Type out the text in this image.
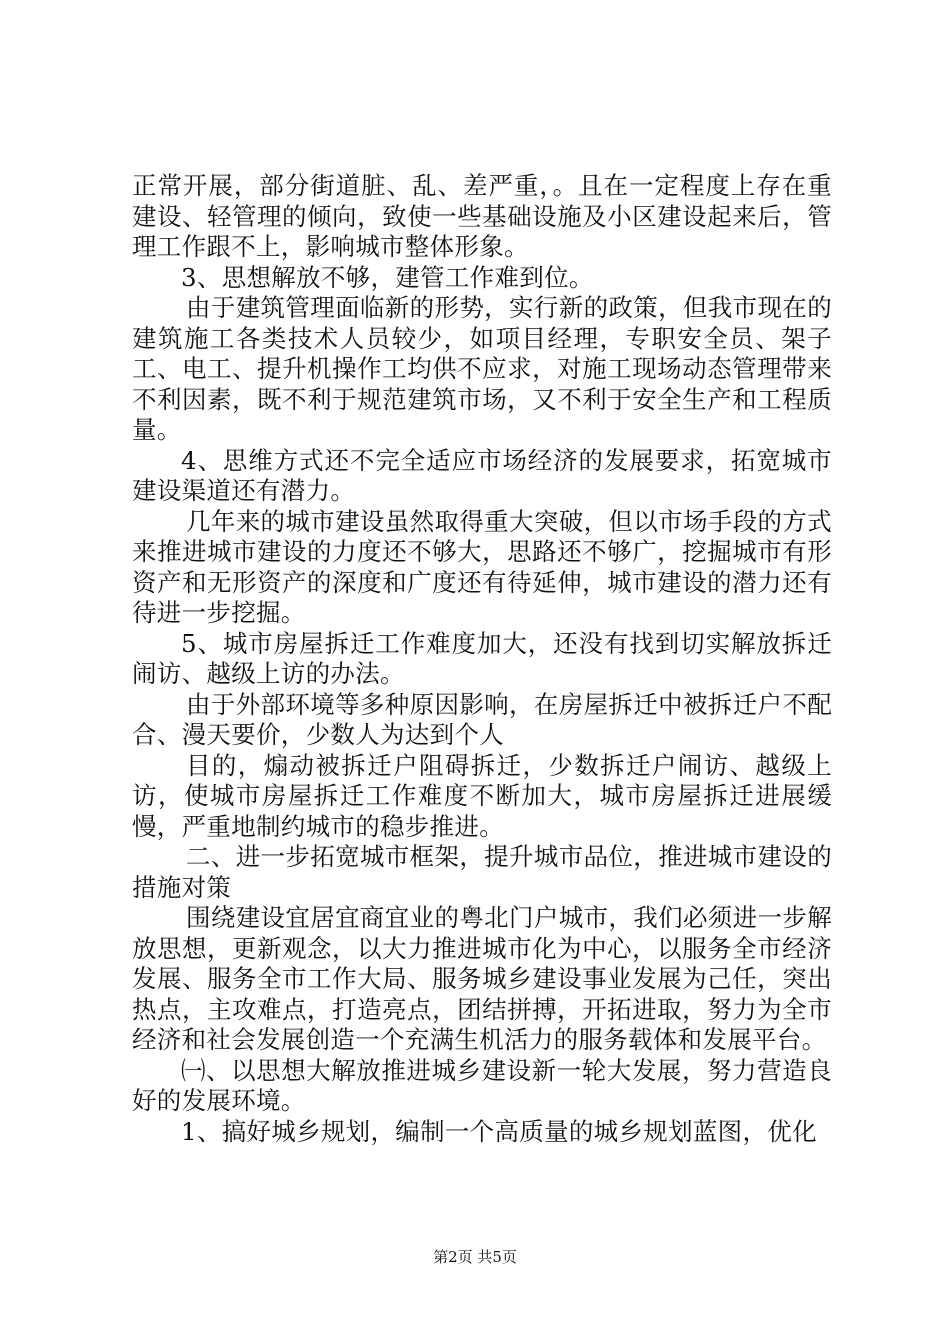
正常开展，部分街道脏、乱、差严重，。且在一定程度上存在重建设、轻管理的倾向，致使一些基础设施及小区建设起来后，管理工作跟不上，影响城市整体形象。

3、思想解放不够，建管工作难到位。

由于建筑管理面临新的形势，实行新的政策，但我市现在的建筑施工各类技术人员较少，如项目经理，专职安全员、架子工、电工、提升机操作工均供不应求，对施工现场动态管理带来不利因素，既不利于规范建筑市场，又不利于安全生产和工程质量。

4、思维方式还不完全适应市场经济的发展要求，拓宽城市建设渠道还有潜力。

几年来的城市建设虽然取得重大突破，但以市场手段的方式来推进城市建设的力度还不够大，思路还不够广，挖掘城市有形资产和无形资产的深度和广度还有待延伸，城市建设的潜力还有待进一步挖掘。

5、城市房屋拆迁工作难度加大，还没有找到切实解放拆迁闹访、越级上访的办法。

由于外部环境等多种原因影响，在房屋拆迁中被拆迁户不配合、漫天要价，少数人为达到个人

目的，煽动被拆迁户阻碍拆迁，少数拆迁户闹访、越级上访，使城市房屋拆迁工作难度不断加大，城市房屋拆迁进展缓慢，严重地制约城市的稳步推进。

二、进一步拓宽城市框架，提升城市品位，推进城市建设的措施对策

围绕建设宜居宜商宜业的粤北门户城市，我们必须进一步解放思想，更新观念，以大力推进城市化为中心，以服务全市经济发展、服务全市工作大局、服务城乡建设事业发展为己任，突出热点，主攻难点，打造亮点，团结拼搏，开拓进取，努力为全市经济和社会发展创造一个充满生机活力的服务载体和发展平台。

㈠、以思想大解放推进城乡建设新一轮大发展，努力营造良好的发展环境。

1、搞好城乡规划，编制一个高质量的城乡规划蓝图，优化

第2页 共5页
